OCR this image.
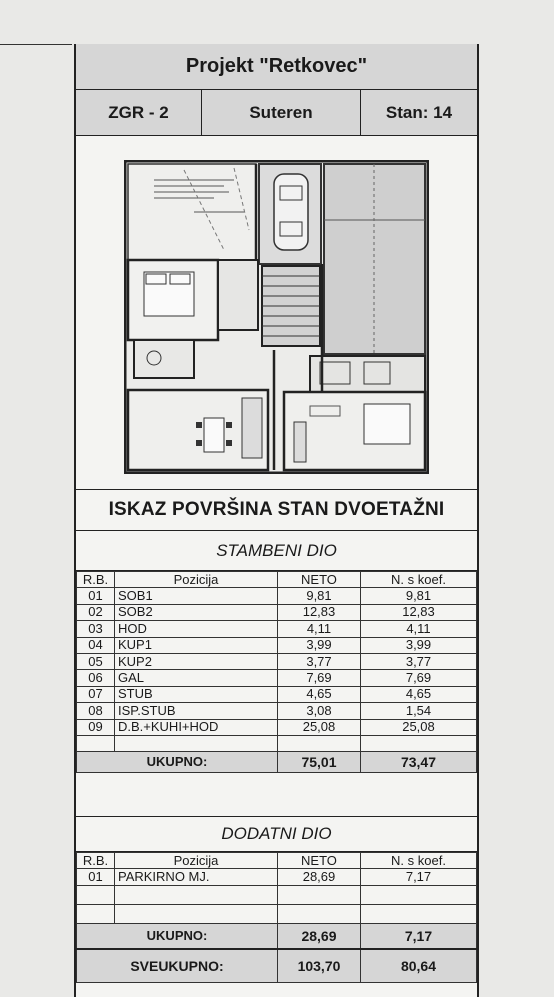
Projekt "Retkovec"
ZGR - 2	Suteren	Stan: 14
ISKAZ POVRŠINA STAN DVOETAŽNI
STAMBENI DIO
R.B.	Pozicija	NETO	N. s koef.
01	SOB1	9,81	9,81
02	SOB2	12,83	12,83
03	HOD	4,11	4,11
04	KUP1	3,99	3,99
05	KUP2	3,77	3,77
06	GAL	7,69	7,69
07	STUB	4,65	4,65
08	ISP.STUB	3,08	1,54
09	D.B.+KUHI+HOD	25,08	25,08

UKUPNO:		75,01	73,47
DODATNI DIO
R.B.	Pozicija	NETO	N. s koef.
01	PARKIRNO MJ.	28,69	7,17

UKUPNO:		28,69	7,17
SVEUKUPNO:		103,70	80,64
